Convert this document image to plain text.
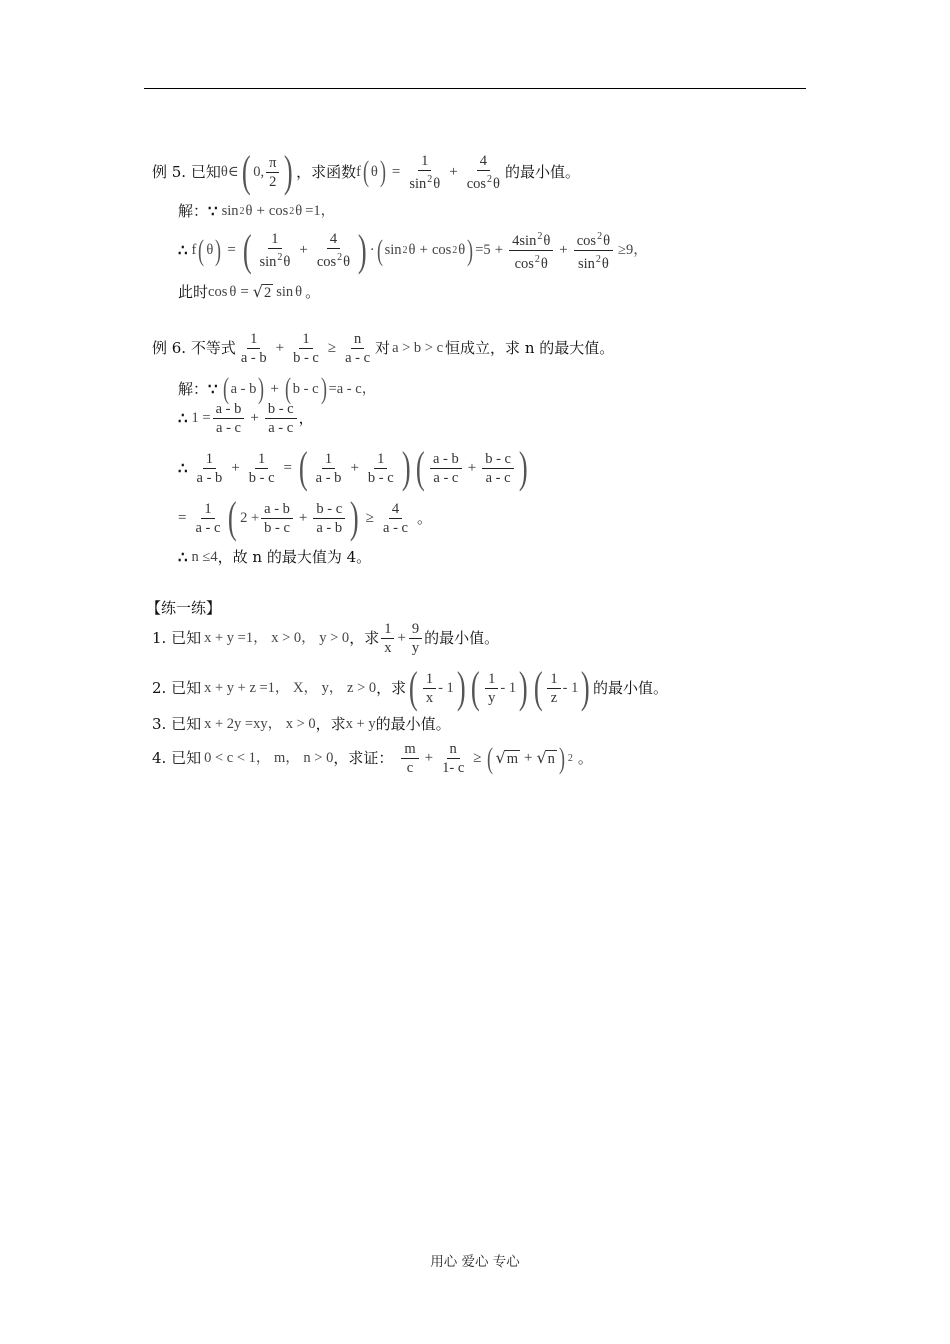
例 5. 已知 θ ∈ ( 0, $\frac{\pi}{2}$ ) ，求函数 f ( θ ) = $\frac{1}{\sin^2\theta} + \frac{4}{\cos^2\theta}$ 的最小值。
解： ∵ sin 2 θ + cos 2 θ =1，
∴ f ( θ ) = ( $\frac{1}{\sin^2\theta} + \frac{4}{\cos^2\theta}$ ) · ( sin 2 θ + cos 2 θ ) $=5 + \frac{4\sin^2\theta}{\cos^2\theta} + \frac{\cos^2\theta}{\sin^2\theta} \ge 9$，
此时 cos θ = √ 2 sin θ 。
例 6. 不等式 $\frac{1}{a - b} + \frac{1}{b - c} \ge \frac{n}{a - c}$ 对 a > b > c 恒成立，求 n 的最大值。
解： ∵ ( a - b ) + ( b - c ) =a - c，
∴ $1 = \frac{a - b}{a - c} + \frac{b - c}{a - c}$ ，
∴ $\frac{1}{a - b} + \frac{1}{b - c}$ = ( $\frac{1}{a - b} + \frac{1}{b - c}$ ) ( $\frac{a - b}{a - c} + \frac{b - c}{a - c}$ )
= $\frac{1}{a - c}$ ( $2 + \frac{a - b}{b - c} + \frac{b - c}{a - b}$ ) ≥ $\frac{4}{a - c}$ 。
∴ n ≤4 ，故 n 的最大值为 4。
【练一练】
1. 已知 x + y =1， x > 0， y > 0 ，求 $\frac{1}{x} + \frac{9}{y}$ 的最小值。
2. 已知 x + y + z =1， X， y， z > 0 ，求 ( $\frac{1}{x} - 1$ ) ( $\frac{1}{y} - 1$ ) ( $\frac{1}{z} - 1$ ) 的最小值。
3. 已知 x + 2y =xy， x > 0 ，求 x + y 的最小值。
4. 已知 0 < c < 1， m， n > 0 ，求证： $\frac{m}{c} + \frac{n}{1- c}$ ≥ ( √ m + √ n ) 2 。
用心 爱心 专心
